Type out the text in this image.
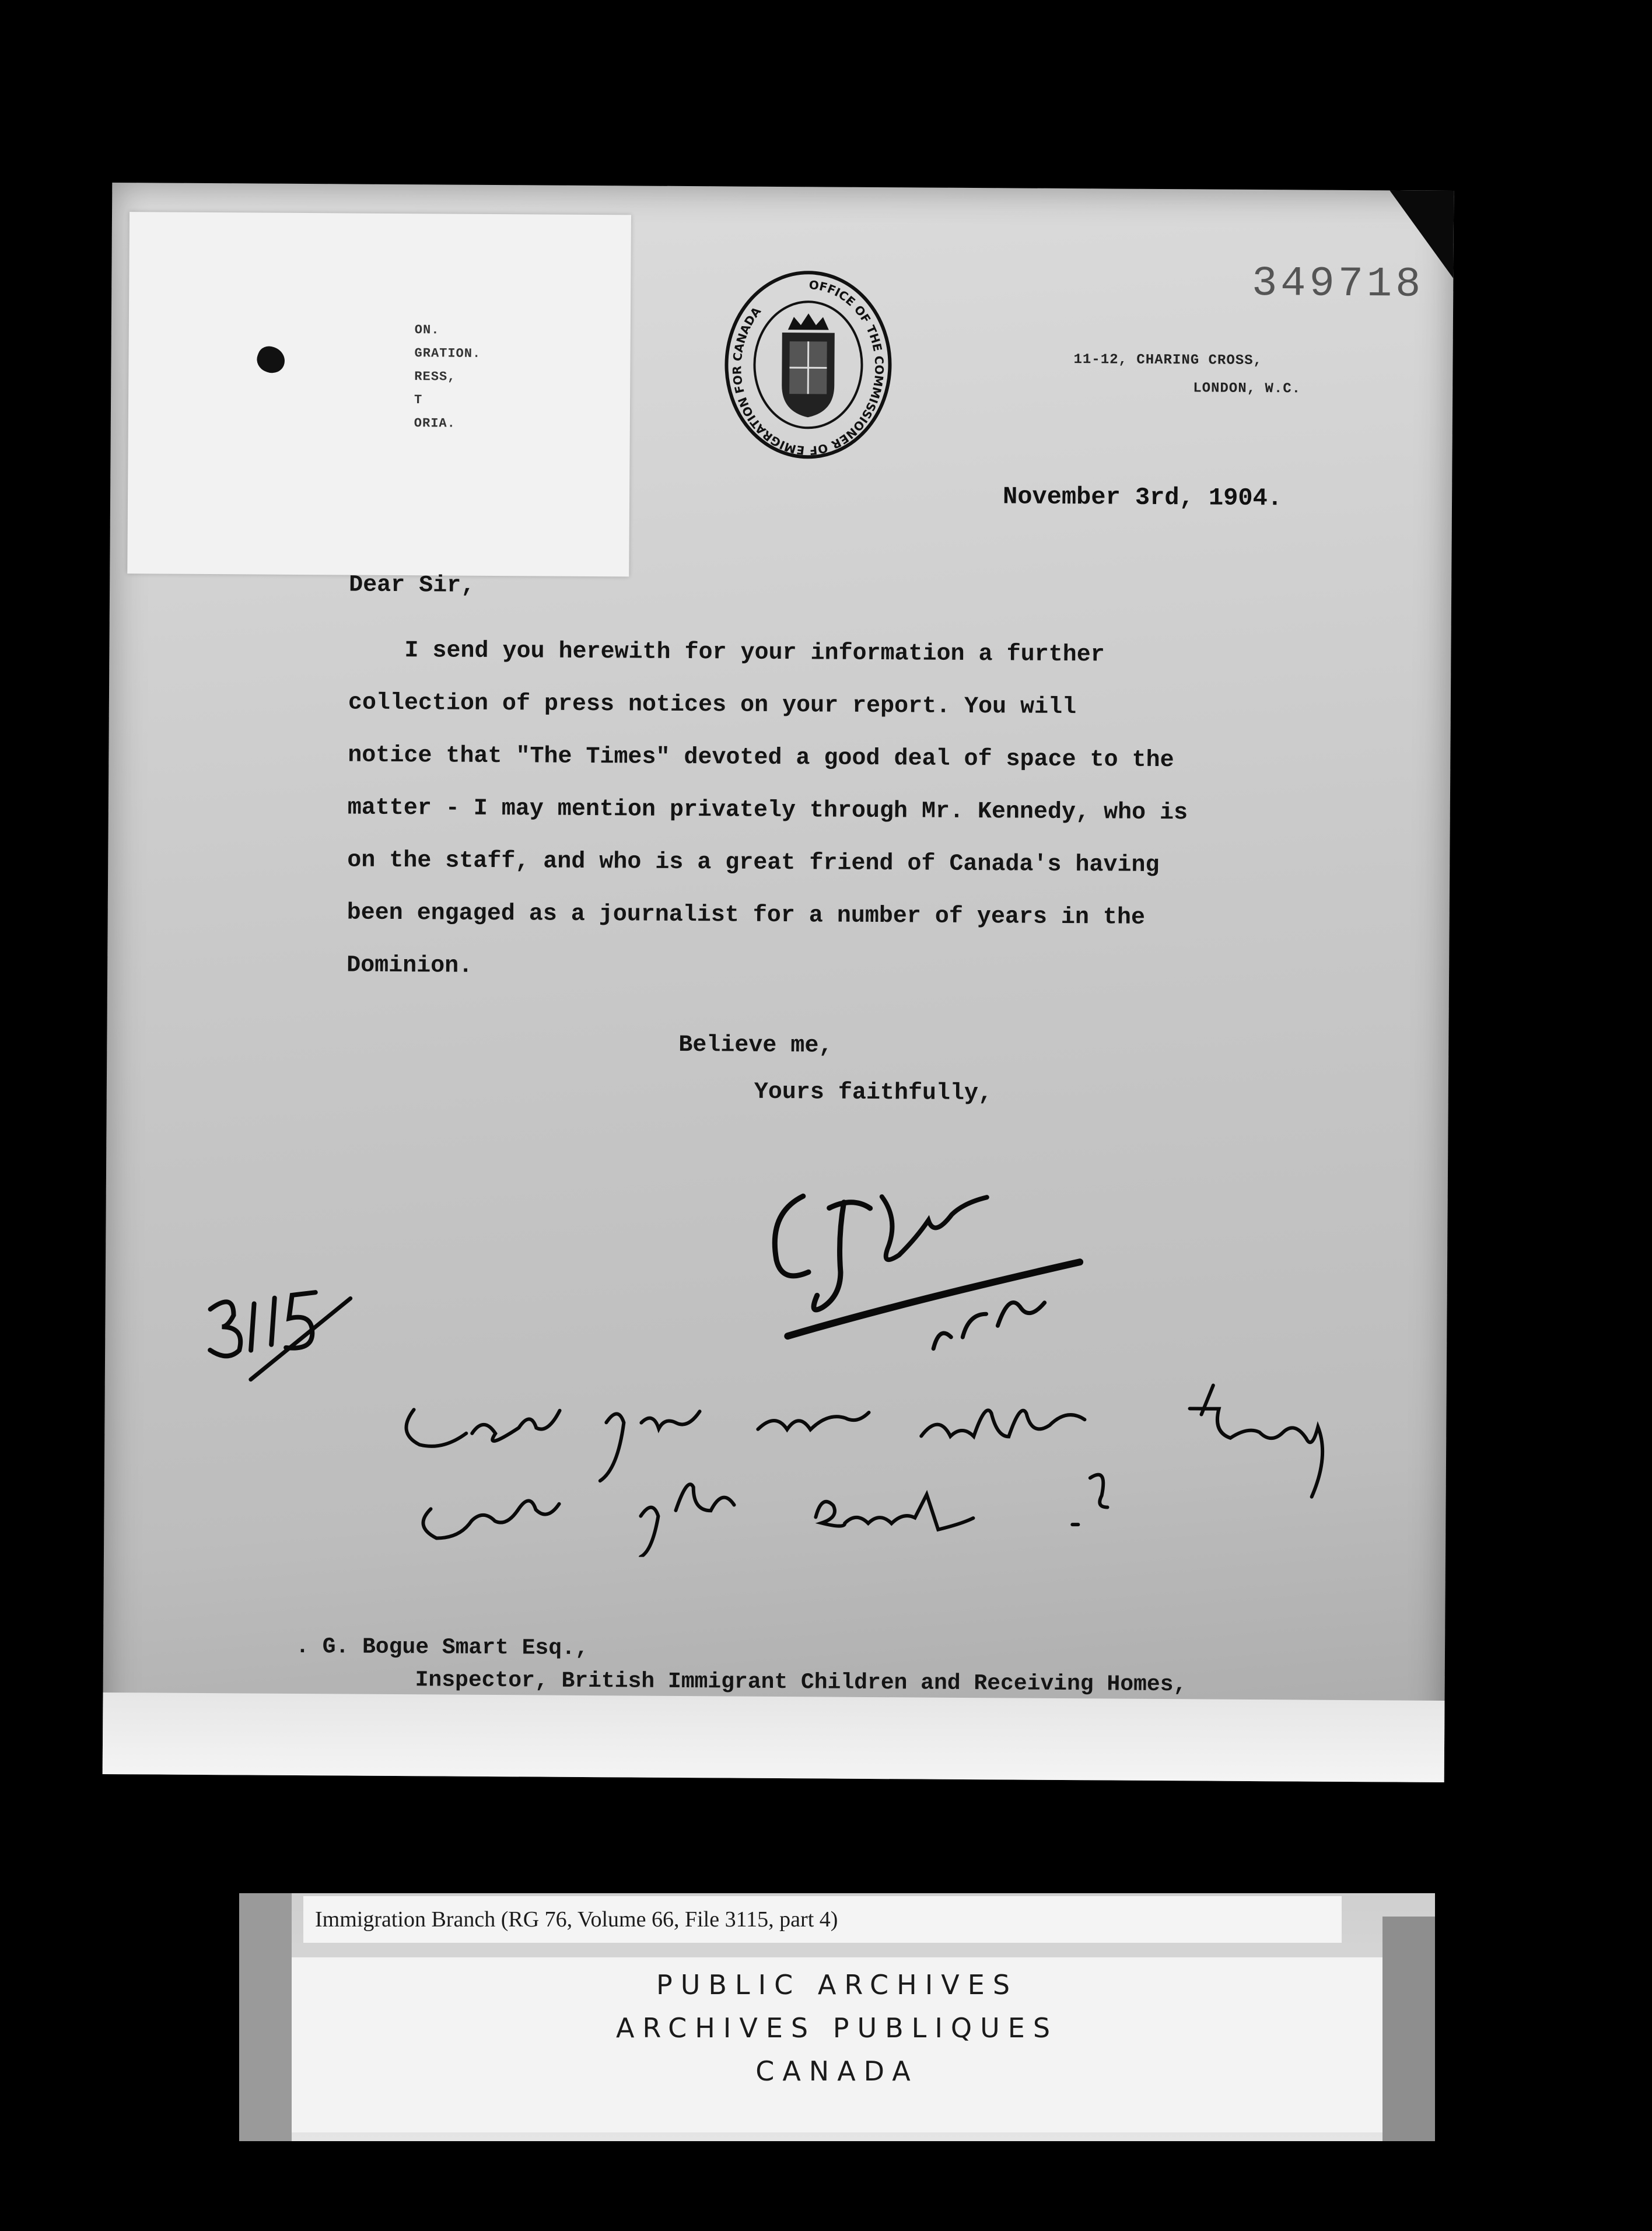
ON.
GRATION.
RESS,
T
ORIA.
349718
OFFICE OF THE COMMISSIONER OF EMIGRATION FOR CANADA
11-12, CHARING CROSS,
LONDON, W.C.
November 3rd, 1904.
Dear Sir,

I send you herewith for your information a further

collection of press notices on your report. You will

notice that "The Times" devoted a good deal of space to the

matter - I may mention privately through Mr. Kennedy, who is

on the staff, and who is a great friend of Canada's having

been engaged as a journalist for a number of years in the

Dominion.

Believe me,
Yours faithfully,
. G. Bogue Smart Esq.,
Inspector, British Immigrant Children and Receiving Homes,
Immigration Branch (RG 76, Volume 66, File 3115, part 4)
PUBLIC ARCHIVES
ARCHIVES PUBLIQUES
CANADA
